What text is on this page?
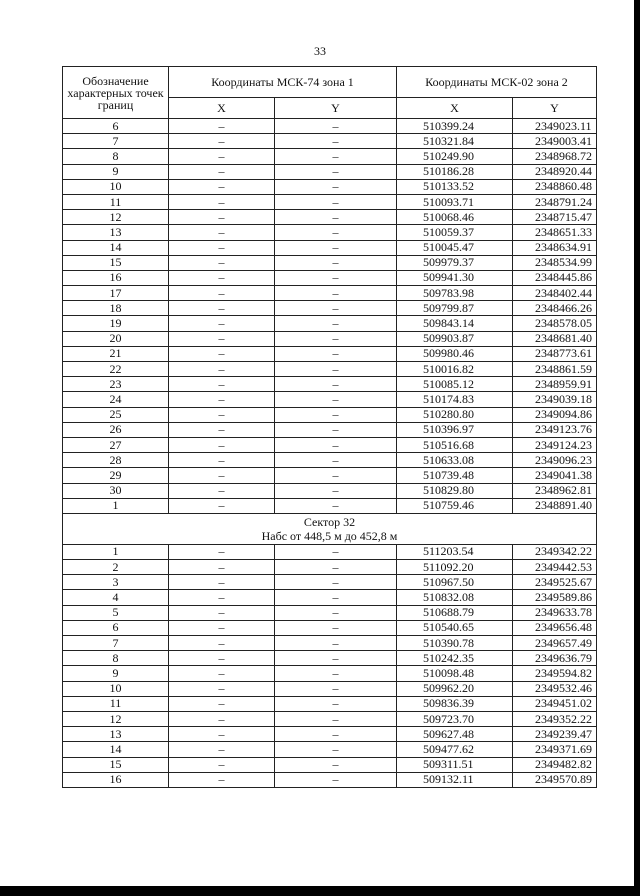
33
Обозначение характерных точек границ	Координаты МСК-74 зона 1		Координаты МСК-02 зона 2	
	X	Y	X	Y
6	–	–	510399.24	2349023.11
7	–	–	510321.84	2349003.41
8	–	–	510249.90	2348968.72
9	–	–	510186.28	2348920.44
10	–	–	510133.52	2348860.48
11	–	–	510093.71	2348791.24
12	–	–	510068.46	2348715.47
13	–	–	510059.37	2348651.33
14	–	–	510045.47	2348634.91
15	–	–	509979.37	2348534.99
16	–	–	509941.30	2348445.86
17	–	–	509783.98	2348402.44
18	–	–	509799.87	2348466.26
19	–	–	509843.14	2348578.05
20	–	–	509903.87	2348681.40
21	–	–	509980.46	2348773.61
22	–	–	510016.82	2348861.59
23	–	–	510085.12	2348959.91
24	–	–	510174.83	2349039.18
25	–	–	510280.80	2349094.86
26	–	–	510396.97	2349123.76
27	–	–	510516.68	2349124.23
28	–	–	510633.08	2349096.23
29	–	–	510739.48	2349041.38
30	–	–	510829.80	2348962.81
1	–	–	510759.46	2348891.40

Сектор 32
Набс от 448,5 м до 452,8 м				

1	–	–	511203.54	2349342.22
2	–	–	511092.20	2349442.53
3	–	–	510967.50	2349525.67
4	–	–	510832.08	2349589.86
5	–	–	510688.79	2349633.78
6	–	–	510540.65	2349656.48
7	–	–	510390.78	2349657.49
8	–	–	510242.35	2349636.79
9	–	–	510098.48	2349594.82
10	–	–	509962.20	2349532.46
11	–	–	509836.39	2349451.02
12	–	–	509723.70	2349352.22
13	–	–	509627.48	2349239.47
14	–	–	509477.62	2349371.69
15	–	–	509311.51	2349482.82
16	–	–	509132.11	2349570.89
